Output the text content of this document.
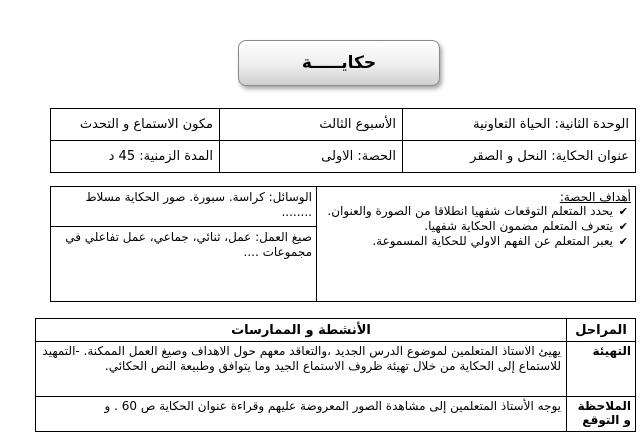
حكايـــــة
الوحدة الثانية: الحياة التعاونية	الأسبوع الثالث	مكون الاستماع و التحدث
عنوان الحكاية: النحل و الصقر	الحصة: الاولى	المدة الزمنية: 45 د
أهداف الحصة:
✔ يحدد المتعلم التوقعات شفهيا انطلاقا من الصورة والعنوان.
✔ يتعرف المتعلم مضمون الحكاية شفهيا.
✔ يعبر المتعلم عن الفهم الاولي للحكاية المسموعة.

الوسائل: كراسة. سبورة. صور الحكاية مسلاط ........
صيغ العمل: عمل، ثنائي، جماعي، عمل تفاعلي في مجموعات ....
المراحل	الأنشطة و الممارسات
التهيئة	يهيئ الاستاذ المتعلمين لموضوع الدرس الجديد ،والتعاقد معهم حول الاهداف وصيغ العمل الممكنة. -التمهيد للاستماع إلى الحكاية من خلال تهيئة ظروف الاستماع الجيد وما يتوافق وطبيعة النص الحكائي.
الملاحظة و التوقع	يوجه الأستاذ المتعلمين إلى مشاهدة الصور المعروضة عليهم وقراءة عنوان الحكاية ص 60 . و
